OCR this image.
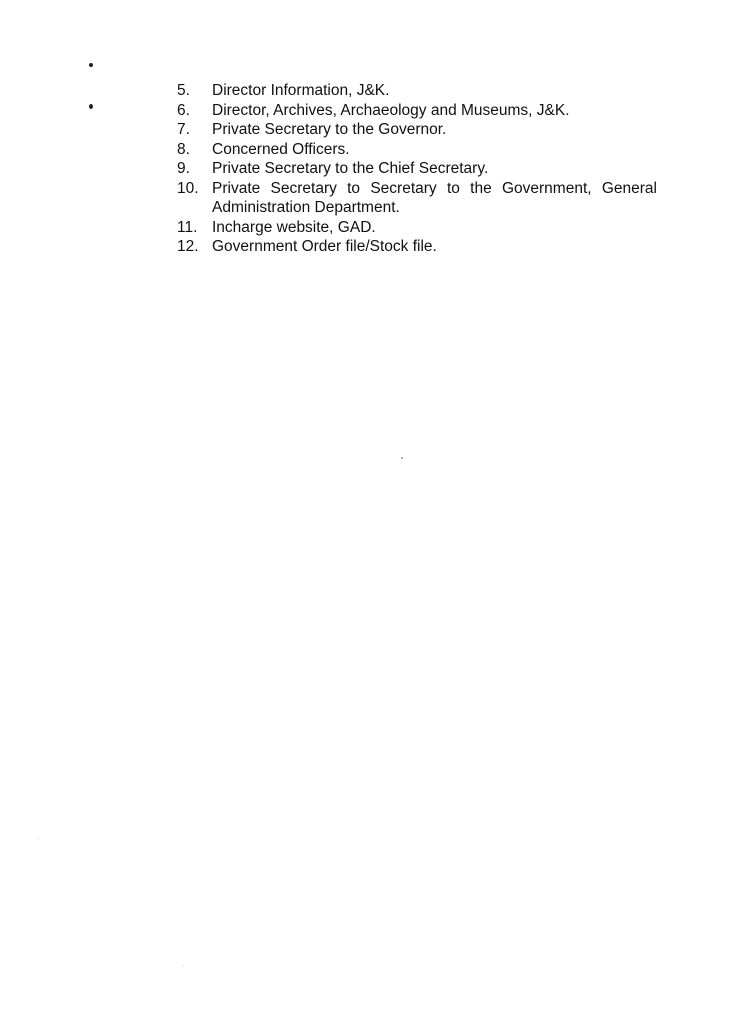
5.	Director Information, J&K.
6.	Director, Archives, Archaeology and Museums, J&K.
7.	Private Secretary to the Governor.
8.	Concerned Officers.
9.	Private Secretary to the Chief Secretary.
10. Private Secretary to Secretary to the Government, General Administration Department.
11. Incharge website, GAD.
12. Government Order file/Stock file.
